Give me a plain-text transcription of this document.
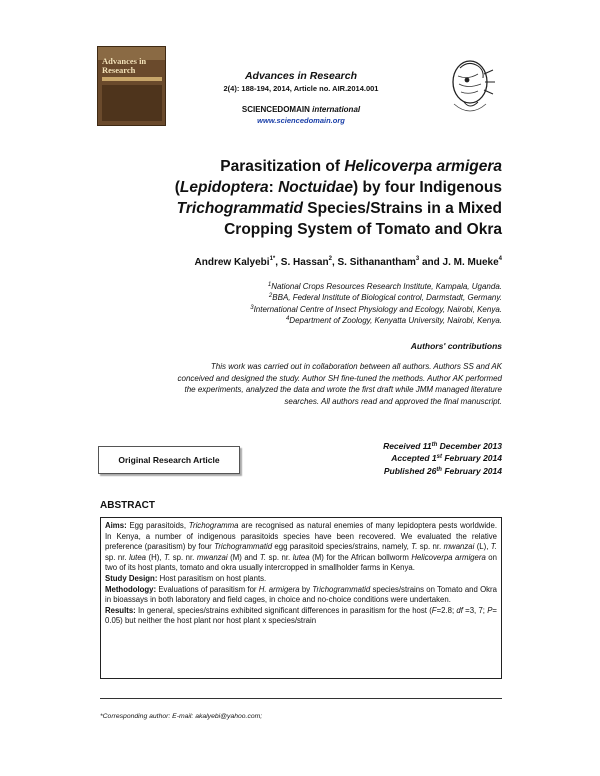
Advances in Research	Advances in Research
2(4): 188-194, 2014, Article no. AIR.2014.001
SCIENCEDOMAIN international
www.sciencedomain.org
Parasitization of Helicoverpa armigera
(Lepidoptera: Noctuidae) by four Indigenous
Trichogrammatid Species/Strains in a Mixed
Cropping System of Tomato and Okra
Andrew Kalyebi$^{1*}$, S. Hassan$^2$, S. Sithanantham$^3$ and J. M. Mueke$^4$
$^1$National Crops Resources Research Institute, Kampala, Uganda.
$^2$BBA, Federal Institute of Biological control, Darmstadt, Germany.
$^3$International Centre of Insect Physiology and Ecology, Nairobi, Kenya.
$^4$Department of Zoology, Kenyatta University, Nairobi, Kenya.
Authors' contributions
This work was carried out in collaboration between all authors. Authors SS and AK
conceived and designed the study. Author SH fine-tuned the methods. Author AK performed
the experiments, analyzed the data and wrote the first draft while JMM managed literature
searches. All authors read and approved the final manuscript.
Original Research Article
Received 11th December 2013
Accepted 1st February 2014
Published 26th February 2014
ABSTRACT

Aims: Egg parasitoids, Trichogramma are recognised as natural enemies of many lepidoptera pests worldwide. In Kenya, a number of indigenous parasitoids species have been recovered. We evaluated the relative preference (parasitism) by four Trichogrammatid egg parasitoid species/strains, namely, T. sp. nr. mwanzai (L), T. sp. nr. lutea (H), T. sp. nr. mwanzai (M) and T. sp. nr. lutea (M) for the African bollworm Helicoverpa armigera on two of its host plants, tomato and okra usually intercropped in smallholder farms in Kenya.

Study Design: Host parasitism on host plants.

Methodology: Evaluations of parasitism for H. armigera by Trichogrammatid species/strains on Tomato and Okra in bioassays in both laboratory and field cages, in choice and no-choice conditions were undertaken.

Results: In general, species/strains exhibited significant differences in parasitism for the host (F=2.8; df =3, 7; P= 0.05) but neither the host plant nor host plant x species/strain

*Corresponding author: E-mail: akalyebi@yahoo.com;
